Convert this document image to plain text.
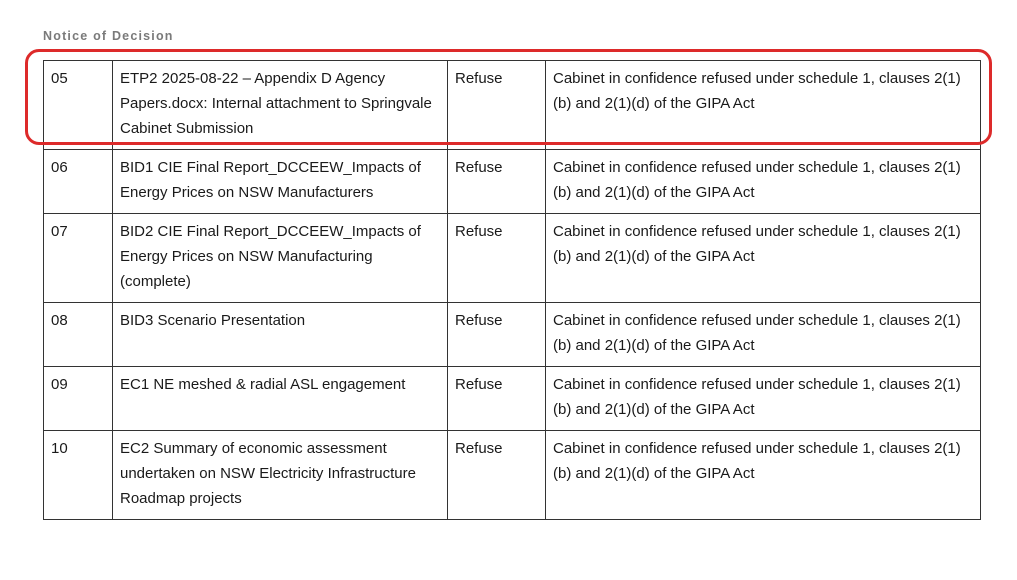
Notice of Decision
05	ETP2 2025-08-22 – Appendix D Agency Papers.docx: Internal attachment to Springvale Cabinet Submission	Refuse	Cabinet in confidence refused under schedule 1, clauses 2(1)(b) and 2(1)(d) of the GIPA Act
06	BID1 CIE Final Report_DCCEEW_Impacts of Energy Prices on NSW Manufacturers	Refuse	Cabinet in confidence refused under schedule 1, clauses 2(1)(b) and 2(1)(d) of the GIPA Act
07	BID2 CIE Final Report_DCCEEW_Impacts of Energy Prices on NSW Manufacturing (complete)	Refuse	Cabinet in confidence refused under schedule 1, clauses 2(1)(b) and 2(1)(d) of the GIPA Act
08	BID3 Scenario Presentation	Refuse	Cabinet in confidence refused under schedule 1, clauses 2(1)(b) and 2(1)(d) of the GIPA Act
09	EC1 NE meshed & radial ASL engagement	Refuse	Cabinet in confidence refused under schedule 1, clauses 2(1)(b) and 2(1)(d) of the GIPA Act
10	EC2 Summary of economic assessment undertaken on NSW Electricity Infrastructure Roadmap projects	Refuse	Cabinet in confidence refused under schedule 1, clauses 2(1)(b) and 2(1)(d) of the GIPA Act
